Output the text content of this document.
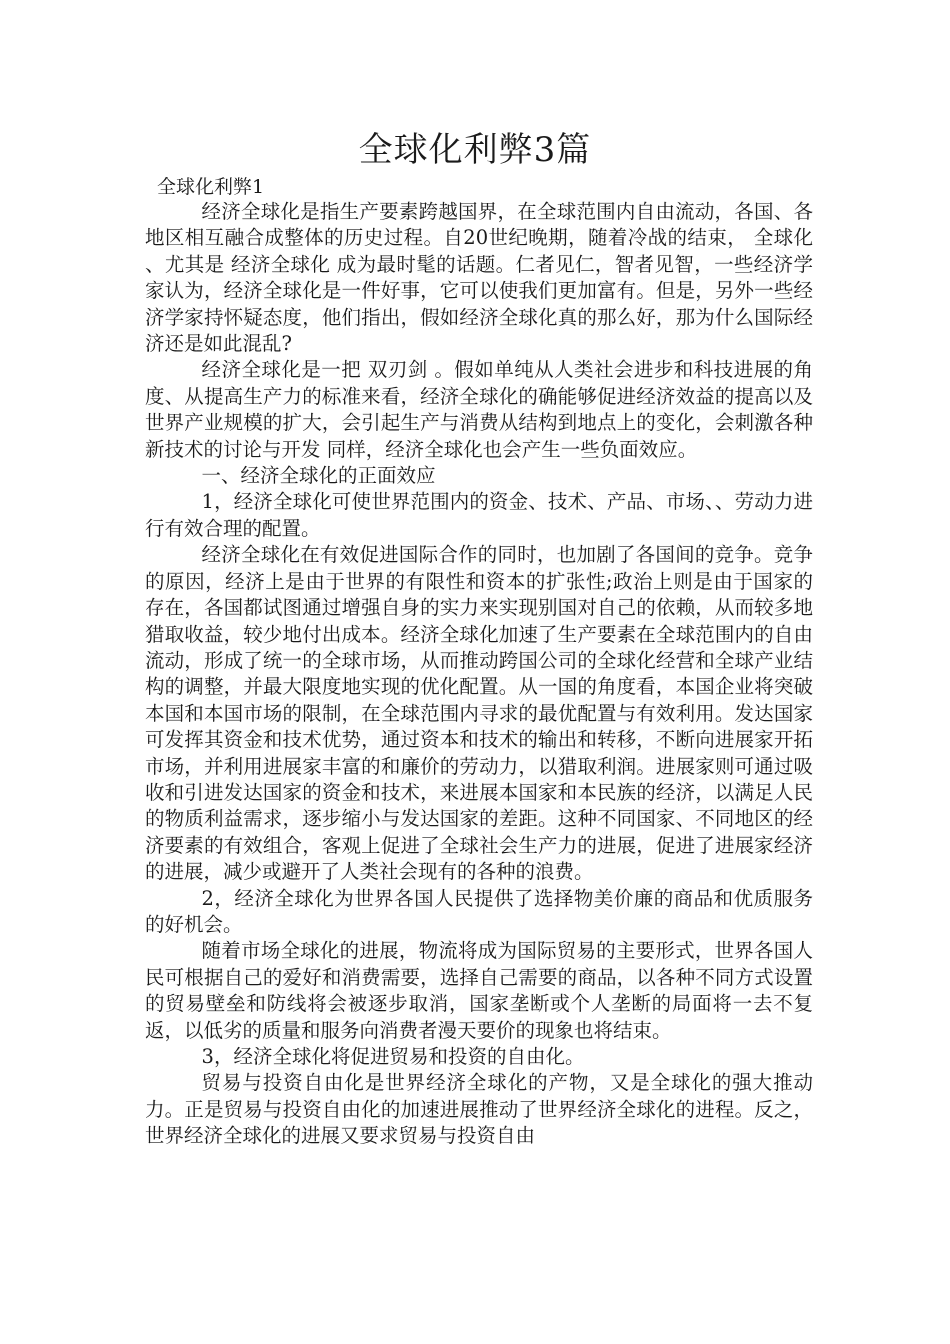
全球化利弊3篇
全球化利弊1

经济全球化是指生产要素跨越国界，在全球范围内自由流动，各国、各地区相互融合成整体的历史过程。自20世纪晚期，随着冷战的结束， 全球化 、尤其是 经济全球化 成为最时髦的话题。仁者见仁，智者见智，一些经济学家认为，经济全球化是一件好事，它可以使我们更加富有。但是，另外一些经济学家持怀疑态度，他们指出，假如经济全球化真的那么好，那为什么国际经济还是如此混乱?

经济全球化是一把 双刃剑 。假如单纯从人类社会进步和科技进展的角度、从提高生产力的标准来看，经济全球化的确能够促进经济效益的提高以及世界产业规模的扩大，会引起生产与消费从结构到地点上的变化，会刺激各种新技术的讨论与开发 同样，经济全球化也会产生一些负面效应。

一、经济全球化的正面效应

1，经济全球化可使世界范围内的资金、技术、产品、市场、、劳动力进行有效合理的配置。

经济全球化在有效促进国际合作的同时，也加剧了各国间的竞争。竞争的原因，经济上是由于世界的有限性和资本的扩张性;政治上则是由于国家的存在，各国都试图通过增强自身的实力来实现别国对自己的依赖，从而较多地猎取收益，较少地付出成本。经济全球化加速了生产要素在全球范围内的自由流动，形成了统一的全球市场，从而推动跨国公司的全球化经营和全球产业结构的调整，并最大限度地实现的优化配置。从一国的角度看，本国企业将突破本国和本国市场的限制，在全球范围内寻求的最优配置与有效利用。发达国家可发挥其资金和技术优势，通过资本和技术的输出和转移，不断向进展家开拓市场，并利用进展家丰富的和廉价的劳动力，以猎取利润。进展家则可通过吸收和引进发达国家的资金和技术，来进展本国家和本民族的经济，以满足人民的物质利益需求，逐步缩小与发达国家的差距。这种不同国家、不同地区的经济要素的有效组合，客观上促进了全球社会生产力的进展，促进了进展家经济的进展，减少或避开了人类社会现有的各种的浪费。

2，经济全球化为世界各国人民提供了选择物美价廉的商品和优质服务的好机会。

随着市场全球化的进展，物流将成为国际贸易的主要形式，世界各国人民可根据自己的爱好和消费需要，选择自己需要的商品，以各种不同方式设置的贸易壁垒和防线将会被逐步取消，国家垄断或个人垄断的局面将一去不复返，以低劣的质量和服务向消费者漫天要价的现象也将结束。

3，经济全球化将促进贸易和投资的自由化。

贸易与投资自由化是世界经济全球化的产物，又是全球化的强大推动力。正是贸易与投资自由化的加速进展推动了世界经济全球化的进程。反之，世界经济全球化的进展又要求贸易与投资自由
